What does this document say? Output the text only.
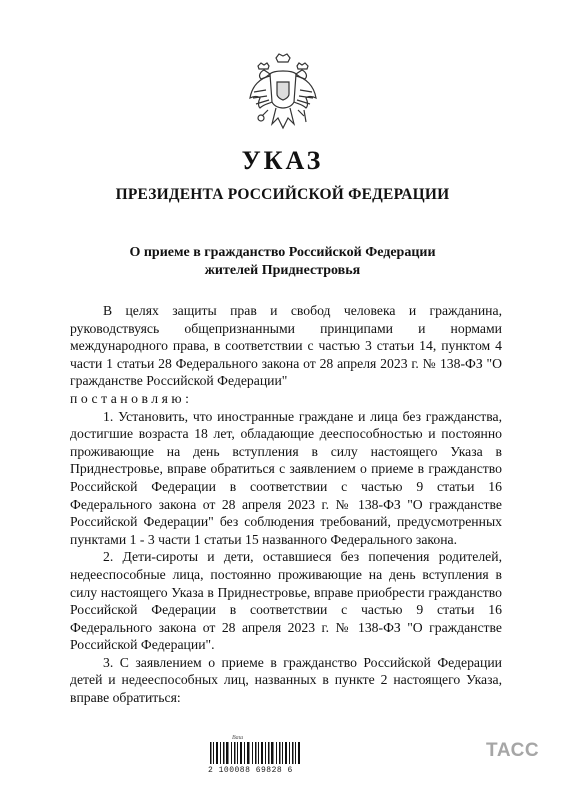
УКАЗ
ПРЕЗИДЕНТА РОССИЙСКОЙ ФЕДЕРАЦИИ
О приеме в гражданство Российской Федерации
жителей Приднестровья

В целях защиты прав и свобод человека и гражданина, руководствуясь общепризнанными принципами и нормами международного права, в соответствии с частью 3 статьи 14, пунктом 4 части 1 статьи 28 Федерального закона от 28 апреля 2023 г. № 138-ФЗ "О гражданстве Российской Федерации"

постановляю:

1. Установить, что иностранные граждане и лица без гражданства, достигшие возраста 18 лет, обладающие дееспособностью и постоянно проживающие на день вступления в силу настоящего Указа в Приднестровье, вправе обратиться с заявлением о приеме в гражданство Российской Федерации в соответствии с частью 9 статьи 16 Федерального закона от 28 апреля 2023 г. № 138-ФЗ "О гражданстве Российской Федерации" без соблюдения требований, предусмотренных пунктами 1 - 3 части 1 статьи 15 названного Федерального закона.

2. Дети-сироты и дети, оставшиеся без попечения родителей, недееспособные лица, постоянно проживающие на день вступления в силу настоящего Указа в Приднестровье, вправе приобрести гражданство Российской Федерации в соответствии с частью 9 статьи 16 Федерального закона от 28 апреля 2023 г. № 138-ФЗ "О гражданстве Российской Федерации".

3. С заявлением о приеме в гражданство Российской Федерации детей и недееспособных лиц, названных в пункте 2 настоящего Указа, вправе обратиться:

Ваш
2 100088 69828 6
ТАСС
